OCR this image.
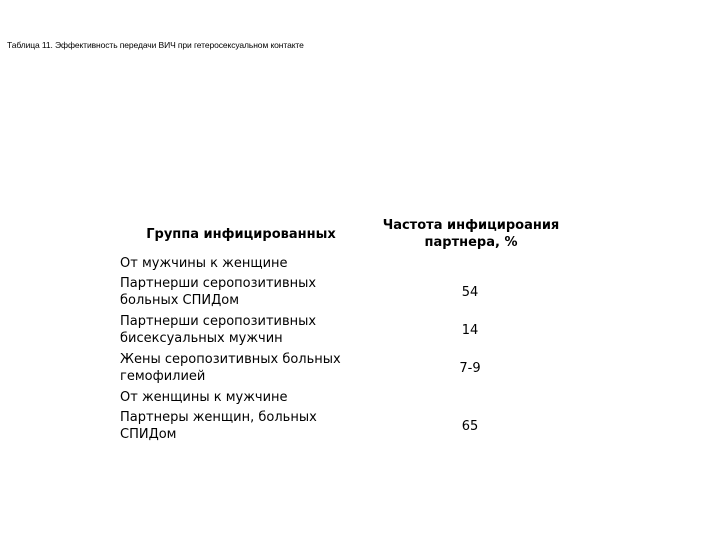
Таблица 11. Эффективность передачи ВИЧ при гетеросексуальном контакте
Группа инфицированных
Частота инфицироания партнера, %
От мужчины к женщине
Партнерши серопозитивных больных СПИДом
54
Партнерши серопозитивных бисексуальных мужчин
14
Жены серопозитивных больных гемофилией
7-9
От женщины к мужчине
Партнеры женщин, больных СПИДом
65
